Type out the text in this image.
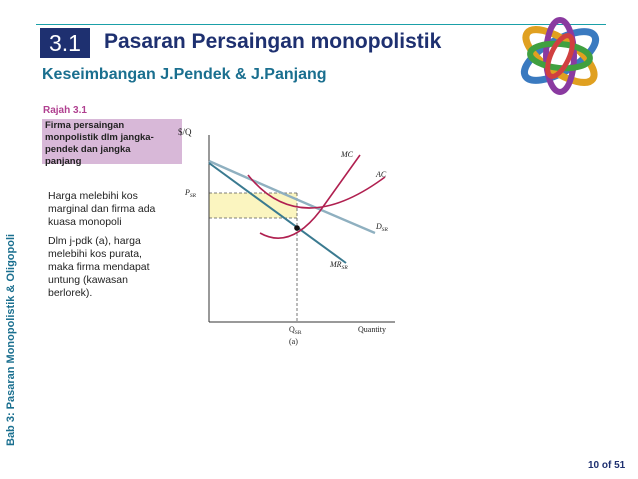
3.1	Pasaran Persaingan monopolistik
Keseimbangan J.Pendek & J.Panjang
Bab 3: Pasaran Monopolistik & Oligopoli
Rajah 3.1
Firma persaingan
monpolistik dlm jangka-
pendek dan jangka
panjang

Harga melebihi kos
marginal dan firma ada
kuasa monopoli

Dlm j-pdk (a), harga
melebihi kos purata,
maka firma mendapat
untung (kawasan
berlorek).

$/Q
$P_{SR}$
MC
AC
$D_{SR}$
$MR_{SR}$
$Q_{SR}$	Quantity
(a)
10 of 51
